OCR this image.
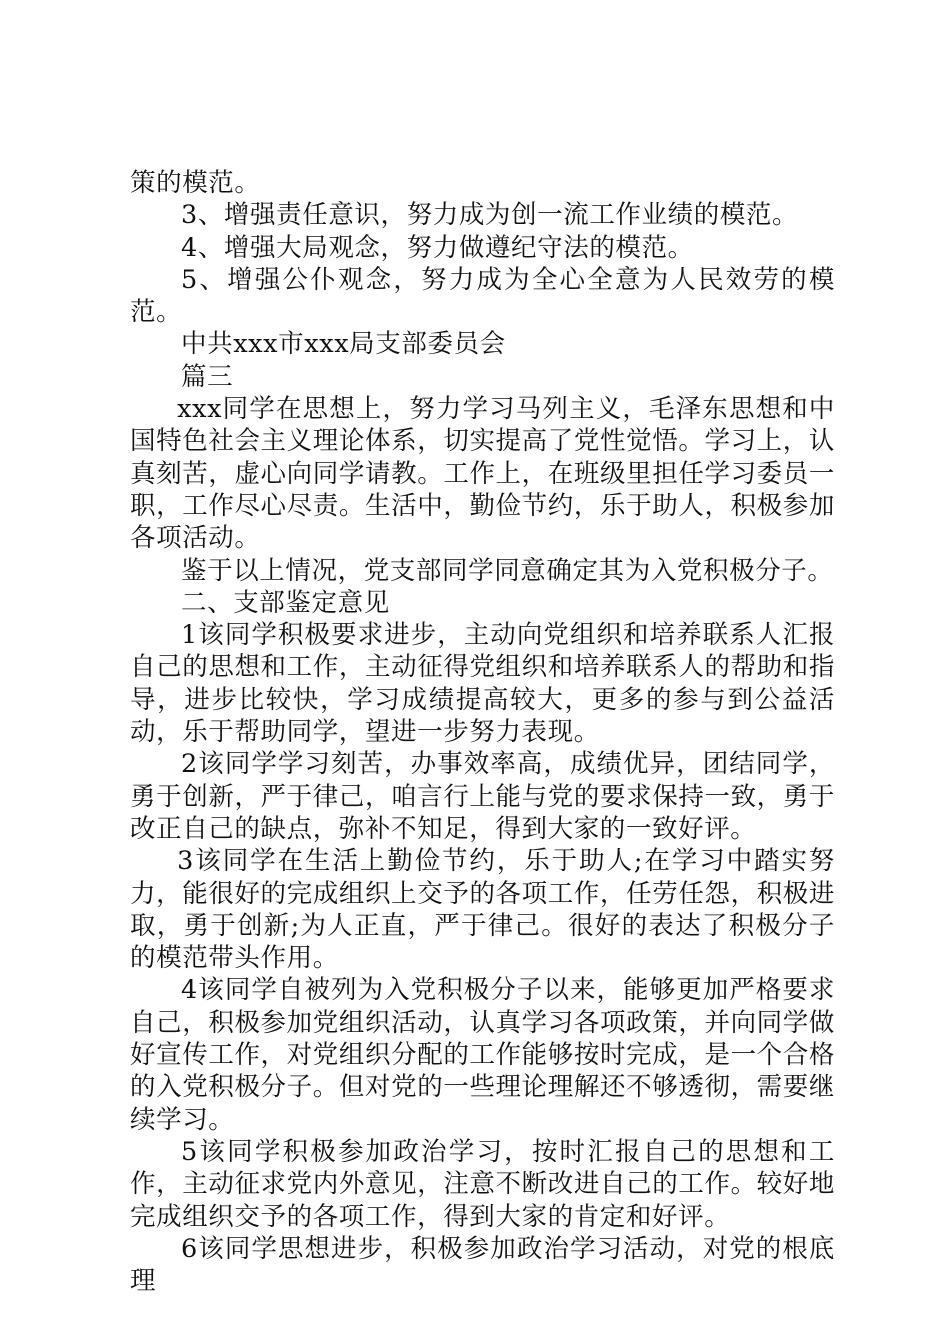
策的模范。

3、增强责任意识，努力成为创一流工作业绩的模范。

4、增强大局观念，努力做遵纪守法的模范。

5、增强公仆观念，努力成为全心全意为人民效劳的模范。

中共xxx市xxx局支部委员会

篇三

xxx同学在思想上，努力学习马列主义，毛泽东思想和中国特色社会主义理论体系，切实提高了党性觉悟。学习上，认真刻苦，虚心向同学请教。工作上，在班级里担任学习委员一职，工作尽心尽责。生活中，勤俭节约，乐于助人，积极参加各项活动。

鉴于以上情况，党支部同学同意确定其为入党积极分子。

二、支部鉴定意见

1该同学积极要求进步，主动向党组织和培养联系人汇报自己的思想和工作，主动征得党组织和培养联系人的帮助和指导，进步比较快，学习成绩提高较大，更多的参与到公益活动，乐于帮助同学，望进一步努力表现。

2该同学学习刻苦，办事效率高，成绩优异，团结同学，勇于创新，严于律己，咱言行上能与党的要求保持一致，勇于改正自己的缺点，弥补不知足，得到大家的一致好评。

3该同学在生活上勤俭节约，乐于助人;在学习中踏实努力，能很好的完成组织上交予的各项工作，任劳任怨，积极进取，勇于创新;为人正直，严于律己。很好的表达了积极分子的模范带头作用。

4该同学自被列为入党积极分子以来，能够更加严格要求自己，积极参加党组织活动，认真学习各项政策，并向同学做好宣传工作，对党组织分配的工作能够按时完成，是一个合格的入党积极分子。但对党的一些理论理解还不够透彻，需要继续学习。

5该同学积极参加政治学习，按时汇报自己的思想和工作，主动征求党内外意见，注意不断改进自己的工作。较好地完成组织交予的各项工作，得到大家的肯定和好评。

6该同学思想进步，积极参加政治学习活动，对党的根底理
